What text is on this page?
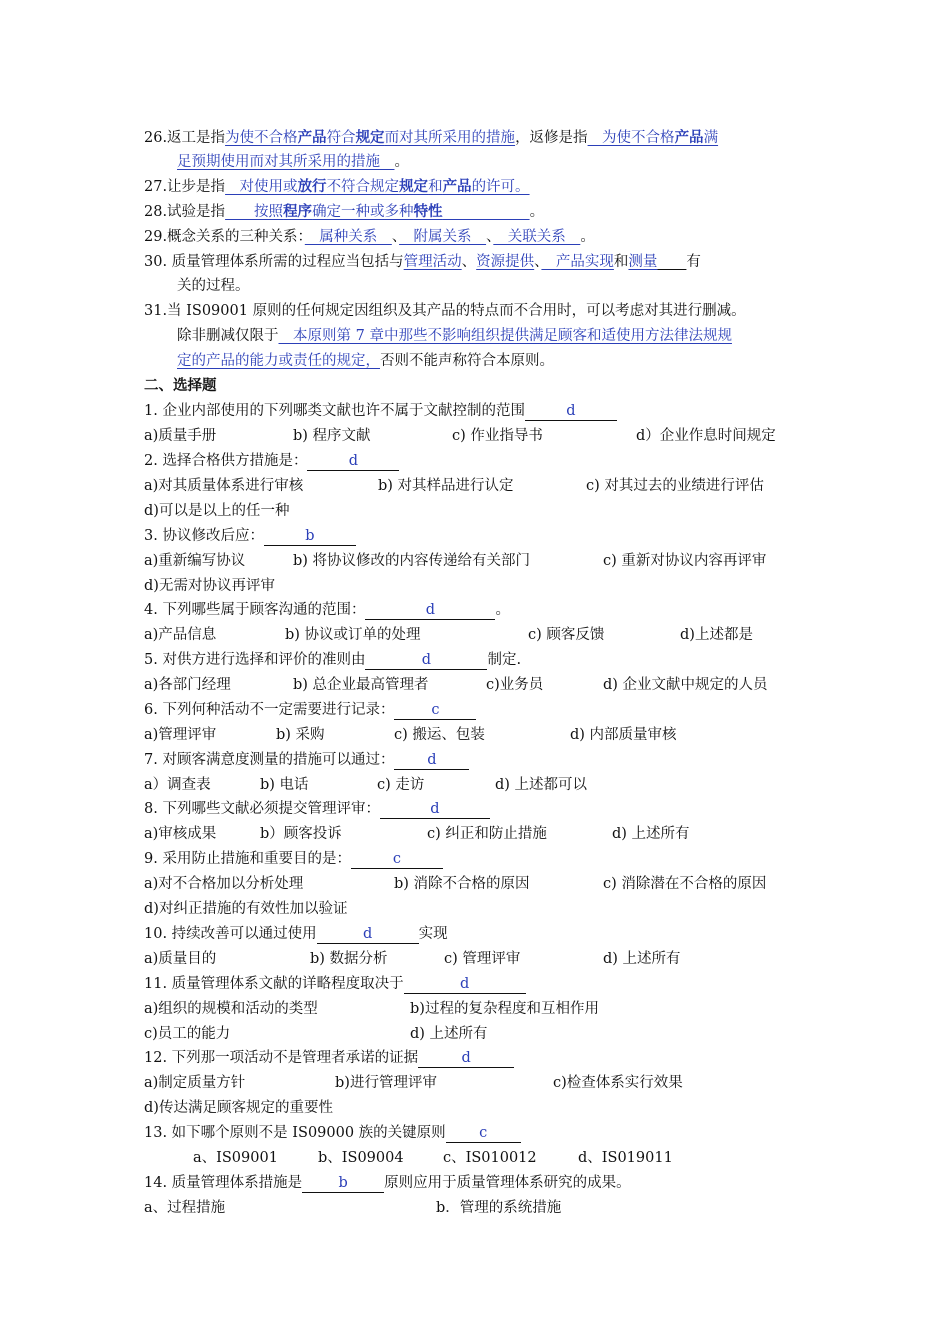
26.返工是指为使不合格产品符合规定而对其所采用的措施，返修是指　为使不合格产品满
足预期使用而对其所采用的措施　。
27.让步是指　对使用或放行不符合规定规定和产品的许可。
28.试验是指　　按照程序确定一种或多种特性　　　　　　	。
29.概念关系的三种关系：　属种关系　、　附属关系　、　关联关系　。
30. 质量管理体系所需的过程应当包括与管理活动、资源提供、　产品实现和测量　　 有
关的过程。
31.当 IS09001 原则的任何规定因组织及其产品的特点而不合用时，可以考虑对其进行删减。
除非删减仅限于　本原则第 7 章中那些不影响组织提供满足顾客和适使用方法律法规规
定的产品的能力或责任的规定，否则不能声称符合本原则。
二、选择题
1. 企业内部使用的下列哪类文献也许不属于文献控制的范围	d
a)质量手册	b) 程序文献	c) 作业指导书	d）企业作息时间规定
2. 选择合格供方措施是：	d
a)对其质量体系进行审核	b) 对其样品进行认定	c) 对其过去的业绩进行评估
d)可以是以上的任一种
3. 协议修改后应：	b
a)重新编写协议	b) 将协议修改的内容传递给有关部门	c) 重新对协议内容再评审
d)无需对协议再评审
4. 下列哪些属于顾客沟通的范围：	d	。
a)产品信息	b) 协议或订单的处理	c) 顾客反馈	d)上述都是
5. 对供方进行选择和评价的准则由	d	制定.
a)各部门经理	b) 总企业最高管理者	c)业务员	d) 企业文献中规定的人员
6. 下列何种活动不一定需要进行记录：	c
a)管理评审	b) 采购	c) 搬运、包装	d) 内部质量审核
7. 对顾客满意度测量的措施可以通过： d
a）调查表	b) 电话	c) 走访	d) 上述都可以
8. 下列哪些文献必须提交管理评审：	d
a)审核成果	b）顾客投诉	c) 纠正和防止措施	d) 上述所有
9. 采用防止措施和重要目的是：	c
a)对不合格加以分析处理	b) 消除不合格的原因	c) 消除潜在不合格的原因
d)对纠正措施的有效性加以验证
10. 持续改善可以通过使用	d	实现
a)质量目的	b) 数据分析	c) 管理评审	d) 上述所有
11. 质量管理体系文献的详略程度取决于	d
a)组织的规模和活动的类型	b)过程的复杂程度和互相作用
c)员工的能力	d) 上述所有
12. 下列那一项活动不是管理者承诺的证据	d
a)制定质量方针	b)进行管理评审	c)检查体系实行效果
d)传达满足顾客规定的重要性
13. 如下哪个原则不是 IS09000 族的关键原则 c
a、IS09001	b、IS09004	c、IS010012	d、IS019011
14. 质量管理体系措施是	b	原则应用于质量管理体系研究的成果。
a、过程措施	b．管理的系统措施
